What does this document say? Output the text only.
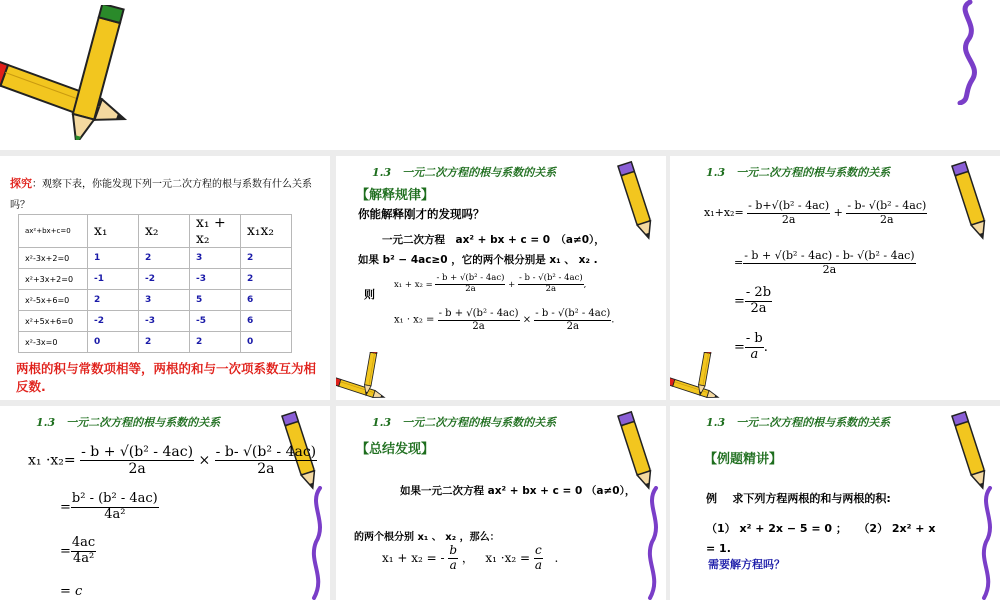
探究：观察下表，你能发现下列一元二次方程的根与系数有什么关系吗？
ax²+bx+c=0	x₁	x₂	x₁ + x₂	x₁x₂
x²-3x+2=0	1	2	3	2
x²+3x+2=0	-1	-2	-3	2
x²-5x+6=0	2	3	5	6
x²+5x+6=0	-2	-3	-5	6
x²-3x=0	0	2	2	0
两根的积与常数项相等，两根的和与一次项系数互为相反数.
1.3　一元二次方程的根与系数的关系
【解释规律】
你能解释刚才的发现吗？
一元二次方程　ax² + bx + c = 0　（a≠0），
如果 b² − 4ac≥0 ，它的两个根分别是 x₁ 、 x₂ .
则
$x_1 + x_2 = \frac{\text{- b + √(b² - 4ac)}}{2a} + \frac{\text{- b - √(b² - 4ac)}}{2a}$ ,
$x_1 \cdot x_2 = \frac{\text{- b + √(b² - 4ac)}}{2a} \times \frac{\text{- b - √(b² - 4ac)}}{2a}$ .
1.3　一元二次方程的根与系数的关系
$x_1+x_2= \frac{\text{- b+√(b² - 4ac)}}{2a} + \frac{\text{- b- √(b² - 4ac)}}{2a}$
= $\frac{\text{- b + √(b² - 4ac) - b- √(b² - 4ac)}}{2a}$
= $\frac{- 2b}{2a}$
= $\frac{- b}{a}$ .
1.3　一元二次方程的根与系数的关系
$x_1 \cdot x_2= \frac{\text{- b + √(b² - 4ac)}}{2a} \times \frac{\text{- b- √(b² - 4ac)}}{2a}$
= $\frac{\text{b² - (b² - 4ac)}}{\text{4a²}}$
= $\frac{4ac}{\text{4a²}}$
= c
1.3　一元二次方程的根与系数的关系
【总结发现】
如果一元二次方程 ax² + bx + c = 0 （a≠0），
的两个根分别 x₁ 、 x₂ ，那么：
x₁ + x₂ = - $\frac{b}{a}$ ，   $x_1 \cdot x_2 = \frac{c}{a}$ .
1.3　一元二次方程的根与系数的关系
【例题精讲】
例 求下列方程两根的和与两根的积:
（1） x² + 2x − 5 = 0 ； （2） 2x² + x
= 1.
需要解方程吗？
